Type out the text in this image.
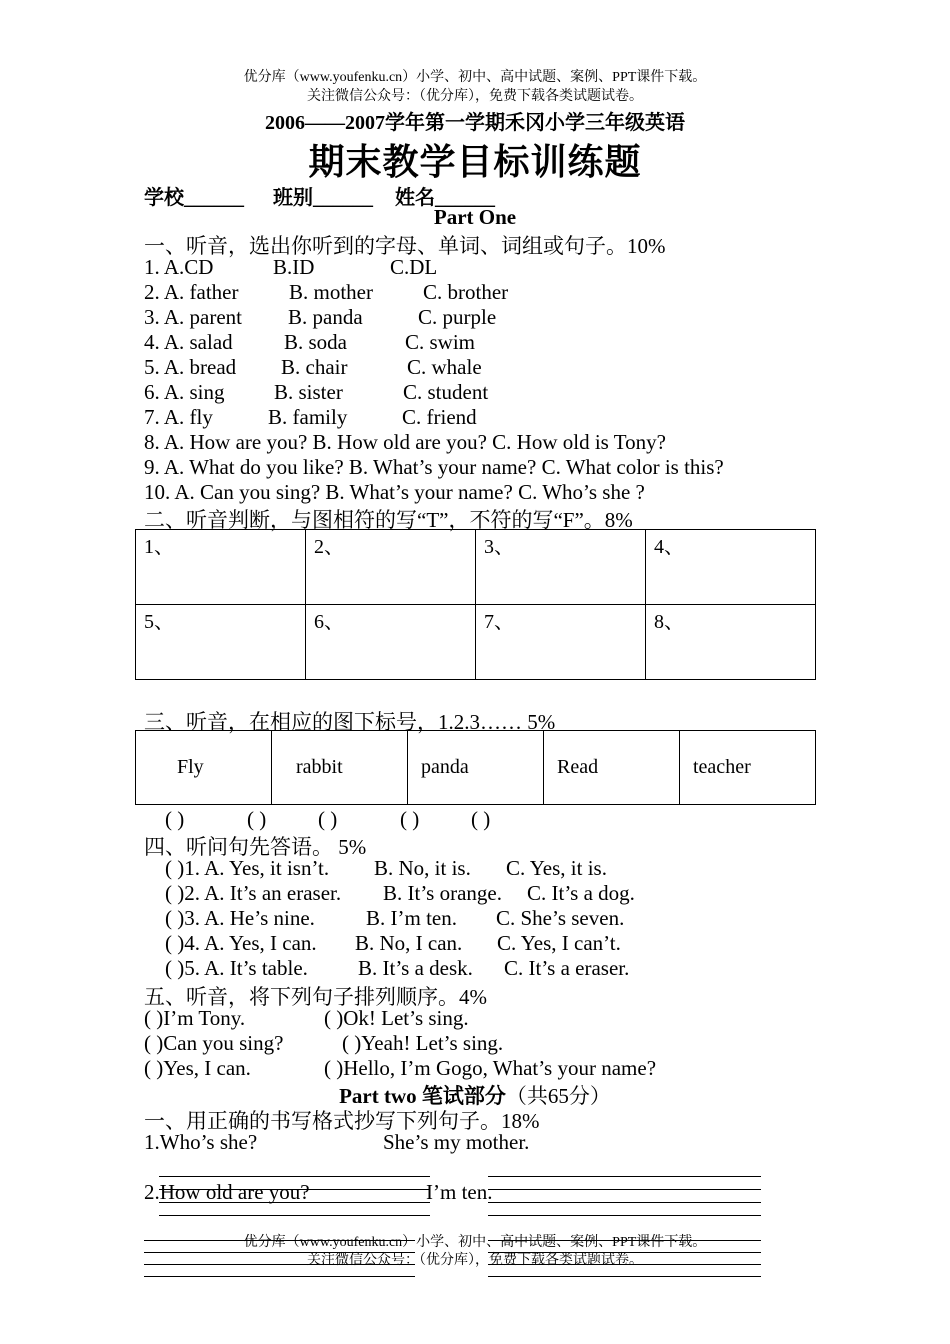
优分库（www.youfenku.cn）小学、初中、高中试题、案例、PPT课件下载。
关注微信公众号：（优分库），免费下载各类试题试卷。
2006——2007学年第一学期禾冈小学三年级英语
期末教学目标训练题
学校______ 班别______ 姓名______
Part One
一、听音，选出你听到的字母、单词、词组或句子。10%
1. A.CD	B.ID	C.DL
2. A. father B. mother C. brother
3. A. parent B. panda	C. purple
4. A. salad B. soda	C. swim
5. A. bread B. chair	C. whale
6. A. sing B. sister	C. student
7. A. fly	B. family	C. friend
8. A. How are you? B. How old are you? C. How old is Tony?
9. A. What do you like? B. What’s your name? C. What color is this?
10. A. Can you sing? B. What’s your name? C. Who’s she ?
二、听音判断，与图相符的写“T”，不符的写“F”。8%
1、	2、	3、	4、
5、	6、	7、	8、
三、听音，在相应的图下标号，1.2.3…… 5%
Fly	rabbit	panda	Read	teacher
( )	( ) ( )	( ) ( )
四、听问句先答语。 5%
( )1. A. Yes, it isn’t. B. No, it is. C. Yes, it is.
( )2. A. It’s an eraser. B. It’s orange. C. It’s a dog.
( )3. A. He’s nine. B. I’m ten. C. She’s seven.
( )4. A. Yes, I can. B. No, I can. C. Yes, I can’t.
( )5. A. It’s table. B. It’s a desk. C. It’s a eraser.
五、听音，将下列句子排列顺序。4%
( )I’m Tony.	( )Ok! Let’s sing.
( )Can you sing?	( )Yeah! Let’s sing.
( )Yes, I can.	( )Hello, I’m Gogo, What’s your name?
Part two 笔试部分（共65分）
一、用正确的书写格式抄写下列句子。18%
1.Who’s she?	She’s my mother.
2.How old are you?	I’m ten.
优分库（www.youfenku.cn）小学、初中、高中试题、案例、PPT课件下载。
关注微信公众号：（优分库），免费下载各类试题试卷。
